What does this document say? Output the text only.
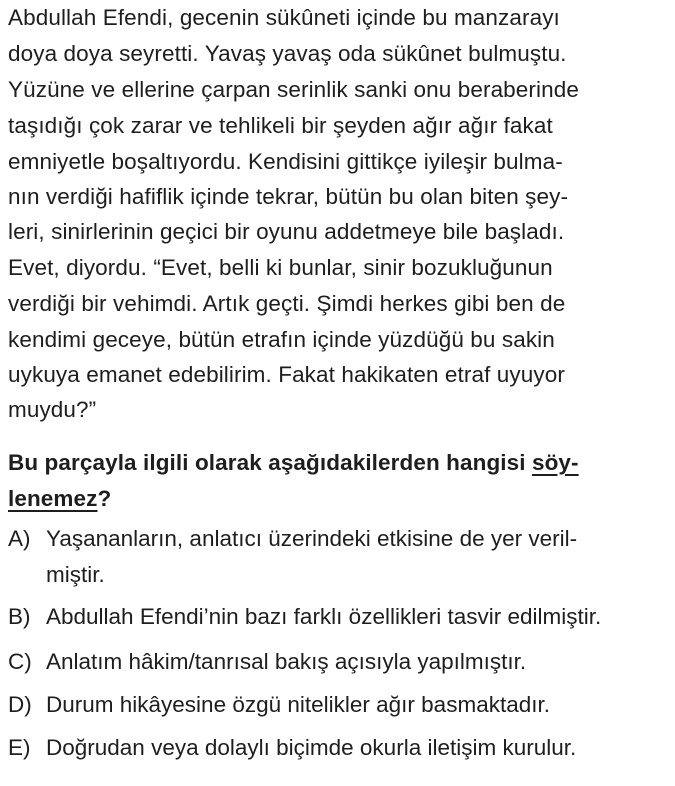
Abdullah Efendi, gecenin sükûneti içinde bu manzarayı
doya doya seyretti. Yavaş yavaş oda sükûnet bulmuştu.
Yüzüne ve ellerine çarpan serinlik sanki onu beraberinde
taşıdığı çok zarar ve tehlikeli bir şeyden ağır ağır fakat
emniyetle boşaltıyordu. Kendisini gittikçe iyileşir bulma-
nın verdiği hafiflik içinde tekrar, bütün bu olan biten şey-
leri, sinirlerinin geçici bir oyunu addetmeye bile başladı.
Evet, diyordu. “Evet, belli ki bunlar, sinir bozukluğunun
verdiği bir vehimdi. Artık geçti. Şimdi herkes gibi ben de
kendimi geceye, bütün etrafın içinde yüzdüğü bu sakin
uykuya emanet edebilirim. Fakat hakikaten etraf uyuyor
muydu?”
Bu parçayla ilgili olarak aşağıdakilerden hangisi söy-
lenemez?
A) Yaşananların, anlatıcı üzerindeki etkisine de yer veril-
miştir.
B) Abdullah Efendi’nin bazı farklı özellikleri tasvir edilmiştir.
C) Anlatım hâkim/tanrısal bakış açısıyla yapılmıştır.
D) Durum hikâyesine özgü nitelikler ağır basmaktadır.
E) Doğrudan veya dolaylı biçimde okurla iletişim kurulur.
